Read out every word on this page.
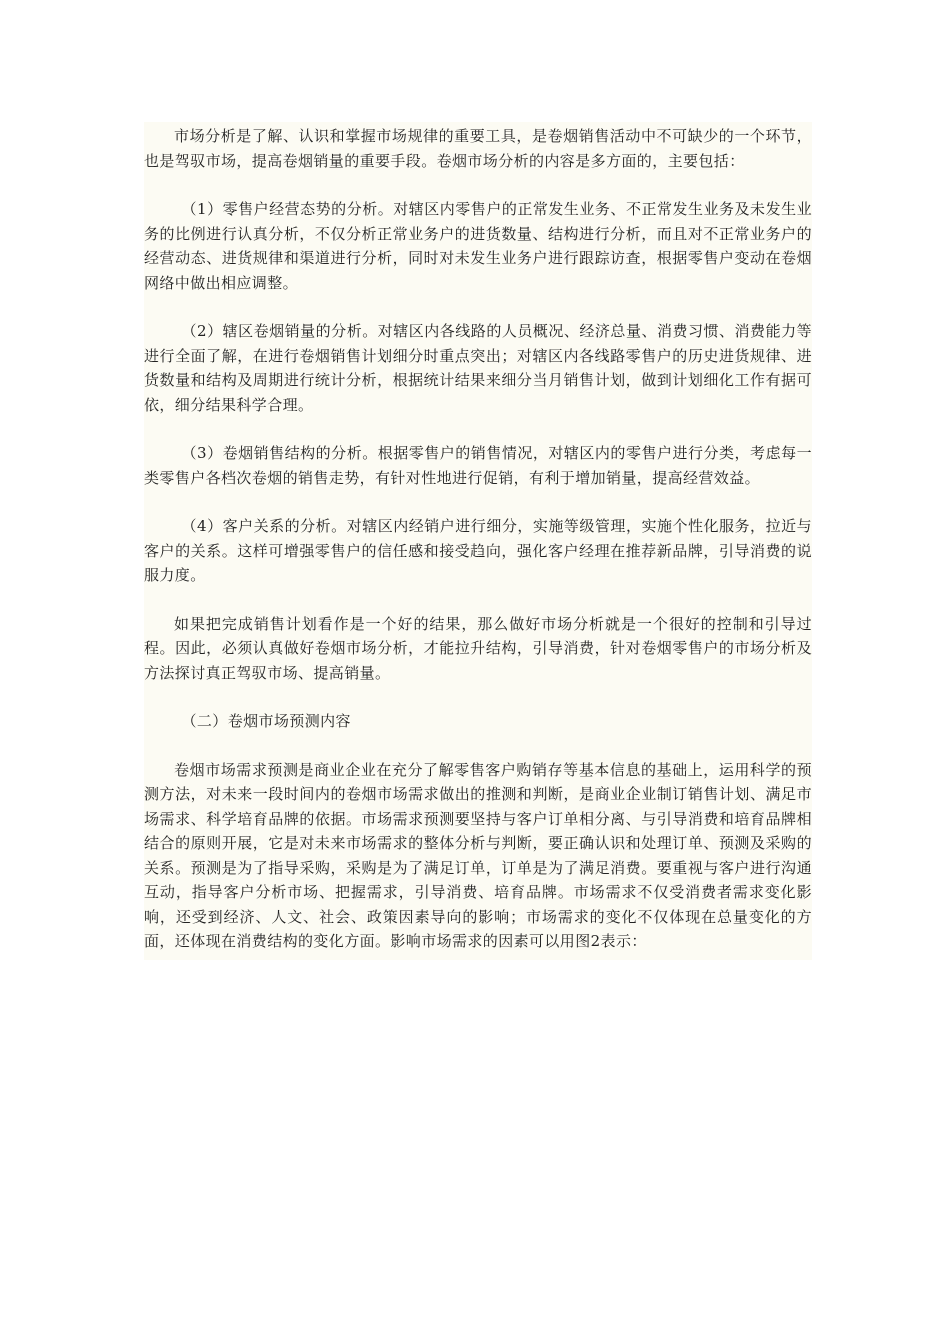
市场分析是了解、认识和掌握市场规律的重要工具，是卷烟销售活动中不可缺少的一个环节，也是驾驭市场，提高卷烟销量的重要手段。卷烟市场分析的内容是多方面的，主要包括：

（1）零售户经营态势的分析。对辖区内零售户的正常发生业务、不正常发生业务及未发生业务的比例进行认真分析，不仅分析正常业务户的进货数量、结构进行分析，而且对不正常业务户的经营动态、进货规律和渠道进行分析，同时对未发生业务户进行跟踪访查，根据零售户变动在卷烟网络中做出相应调整。

（2）辖区卷烟销量的分析。对辖区内各线路的人员概况、经济总量、消费习惯、消费能力等进行全面了解，在进行卷烟销售计划细分时重点突出；对辖区内各线路零售户的历史进货规律、进货数量和结构及周期进行统计分析，根据统计结果来细分当月销售计划，做到计划细化工作有据可依，细分结果科学合理。

（3）卷烟销售结构的分析。根据零售户的销售情况，对辖区内的零售户进行分类，考虑每一类零售户各档次卷烟的销售走势，有针对性地进行促销，有利于增加销量，提高经营效益。

（4）客户关系的分析。对辖区内经销户进行细分，实施等级管理，实施个性化服务，拉近与客户的关系。这样可增强零售户的信任感和接受趋向，强化客户经理在推荐新品牌，引导消费的说服力度。

如果把完成销售计划看作是一个好的结果，那么做好市场分析就是一个很好的控制和引导过程。因此，必须认真做好卷烟市场分析，才能拉升结构，引导消费，针对卷烟零售户的市场分析及方法探讨真正驾驭市场、提高销量。

（二）卷烟市场预测内容

卷烟市场需求预测是商业企业在充分了解零售客户购销存等基本信息的基础上，运用科学的预测方法，对未来一段时间内的卷烟市场需求做出的推测和判断，是商业企业制订销售计划、满足市场需求、科学培育品牌的依据。市场需求预测要坚持与客户订单相分离、与引导消费和培育品牌相结合的原则开展，它是对未来市场需求的整体分析与判断，要正确认识和处理订单、预测及采购的关系。预测是为了指导采购，采购是为了满足订单，订单是为了满足消费。要重视与客户进行沟通互动，指导客户分析市场、把握需求，引导消费、培育品牌。市场需求不仅受消费者需求变化影响，还受到经济、人文、社会、政策因素导向的影响；市场需求的变化不仅体现在总量变化的方面，还体现在消费结构的变化方面。影响市场需求的因素可以用图2表示：
